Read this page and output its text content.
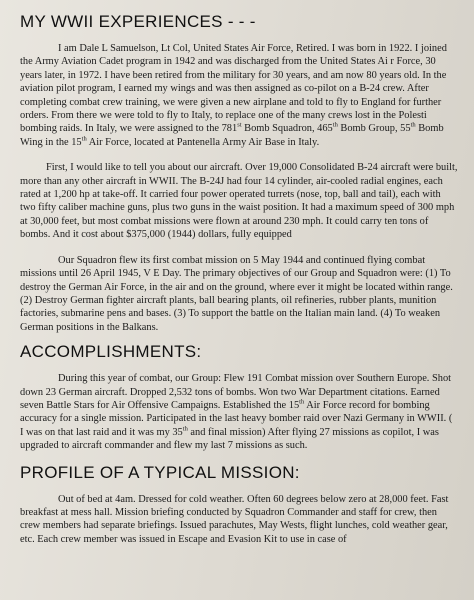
MY WWII EXPERIENCES - - -

I am Dale L Samuelson, Lt Col, United States Air Force, Retired. I was born in 1922. I joined the Army Aviation Cadet program in 1942 and was discharged from the United States Ai r Force, 30 years later, in 1972. I have been retired from the military for 30 years, and am now 80 years old. In the aviation pilot program, I earned my wings and was then assigned as co-pilot on a B-24 crew. After completing combat crew training, we were given a new airplane and told to fly to England for further orders. From there we were told to fly to Italy, to replace one of the many crews lost in the Polesti bombing raids. In Italy, we were assigned to the 781st Bomb Squadron, 465th Bomb Group, 55th Bomb Wing in the 15th Air Force, located at Pantenella Army Air Base in Italy.

First, I would like to tell you about our aircraft. Over 19,000 Consolidated B-24 aircraft were built, more than any other aircraft in WWII. The B-24J had four 14 cylinder, air-cooled radial engines, each rated at 1,200 hp at take-off. It carried four power operated turrets (nose, top, ball and tail), each with two fifty caliber machine guns, plus two guns in the waist position. It had a maximum speed of 300 mph at 30,000 feet, but most combat missions were flown at around 230 mph. It could carry ten tons of bombs. And it cost about $375,000 (1944) dollars, fully equipped

Our Squadron flew its first combat mission on 5 May 1944 and continued flying combat missions until 26 April 1945, V E Day. The primary objectives of our Group and Squadron were: (1) To destroy the German Air Force, in the air and on the ground, where ever it might be located within range. (2) Destroy German fighter aircraft plants, ball bearing plants, oil refineries, rubber plants, munition factories, submarine pens and bases. (3) To support the battle on the Italian main land. (4) To weaken German positions in the Balkans.

ACCOMPLISHMENTS:

During this year of combat, our Group: Flew 191 Combat mission over Southern Europe. Shot down 23 German aircraft. Dropped 2,532 tons of bombs. Won two War Department citations. Earned seven Battle Stars for Air Offensive Campaigns. Established the 15th Air Force record for bombing accuracy for a single mission. Participated in the last heavy bomber raid over Nazi Germany in WWII. ( I was on that last raid and it was my 35th and final mission) After flying 27 missions as copilot, I was upgraded to aircraft commander and flew my last 7 missions as such.

PROFILE OF A TYPICAL MISSION:

Out of bed at 4am. Dressed for cold weather. Often 60 degrees below zero at 28,000 feet. Fast breakfast at mess hall. Mission briefing conducted by Squadron Commander and staff for crew, then crew members had separate briefings. Issued parachutes, May Wests, flight lunches, cold weather gear, etc. Each crew member was issued in Escape and Evasion Kit to use in case of
